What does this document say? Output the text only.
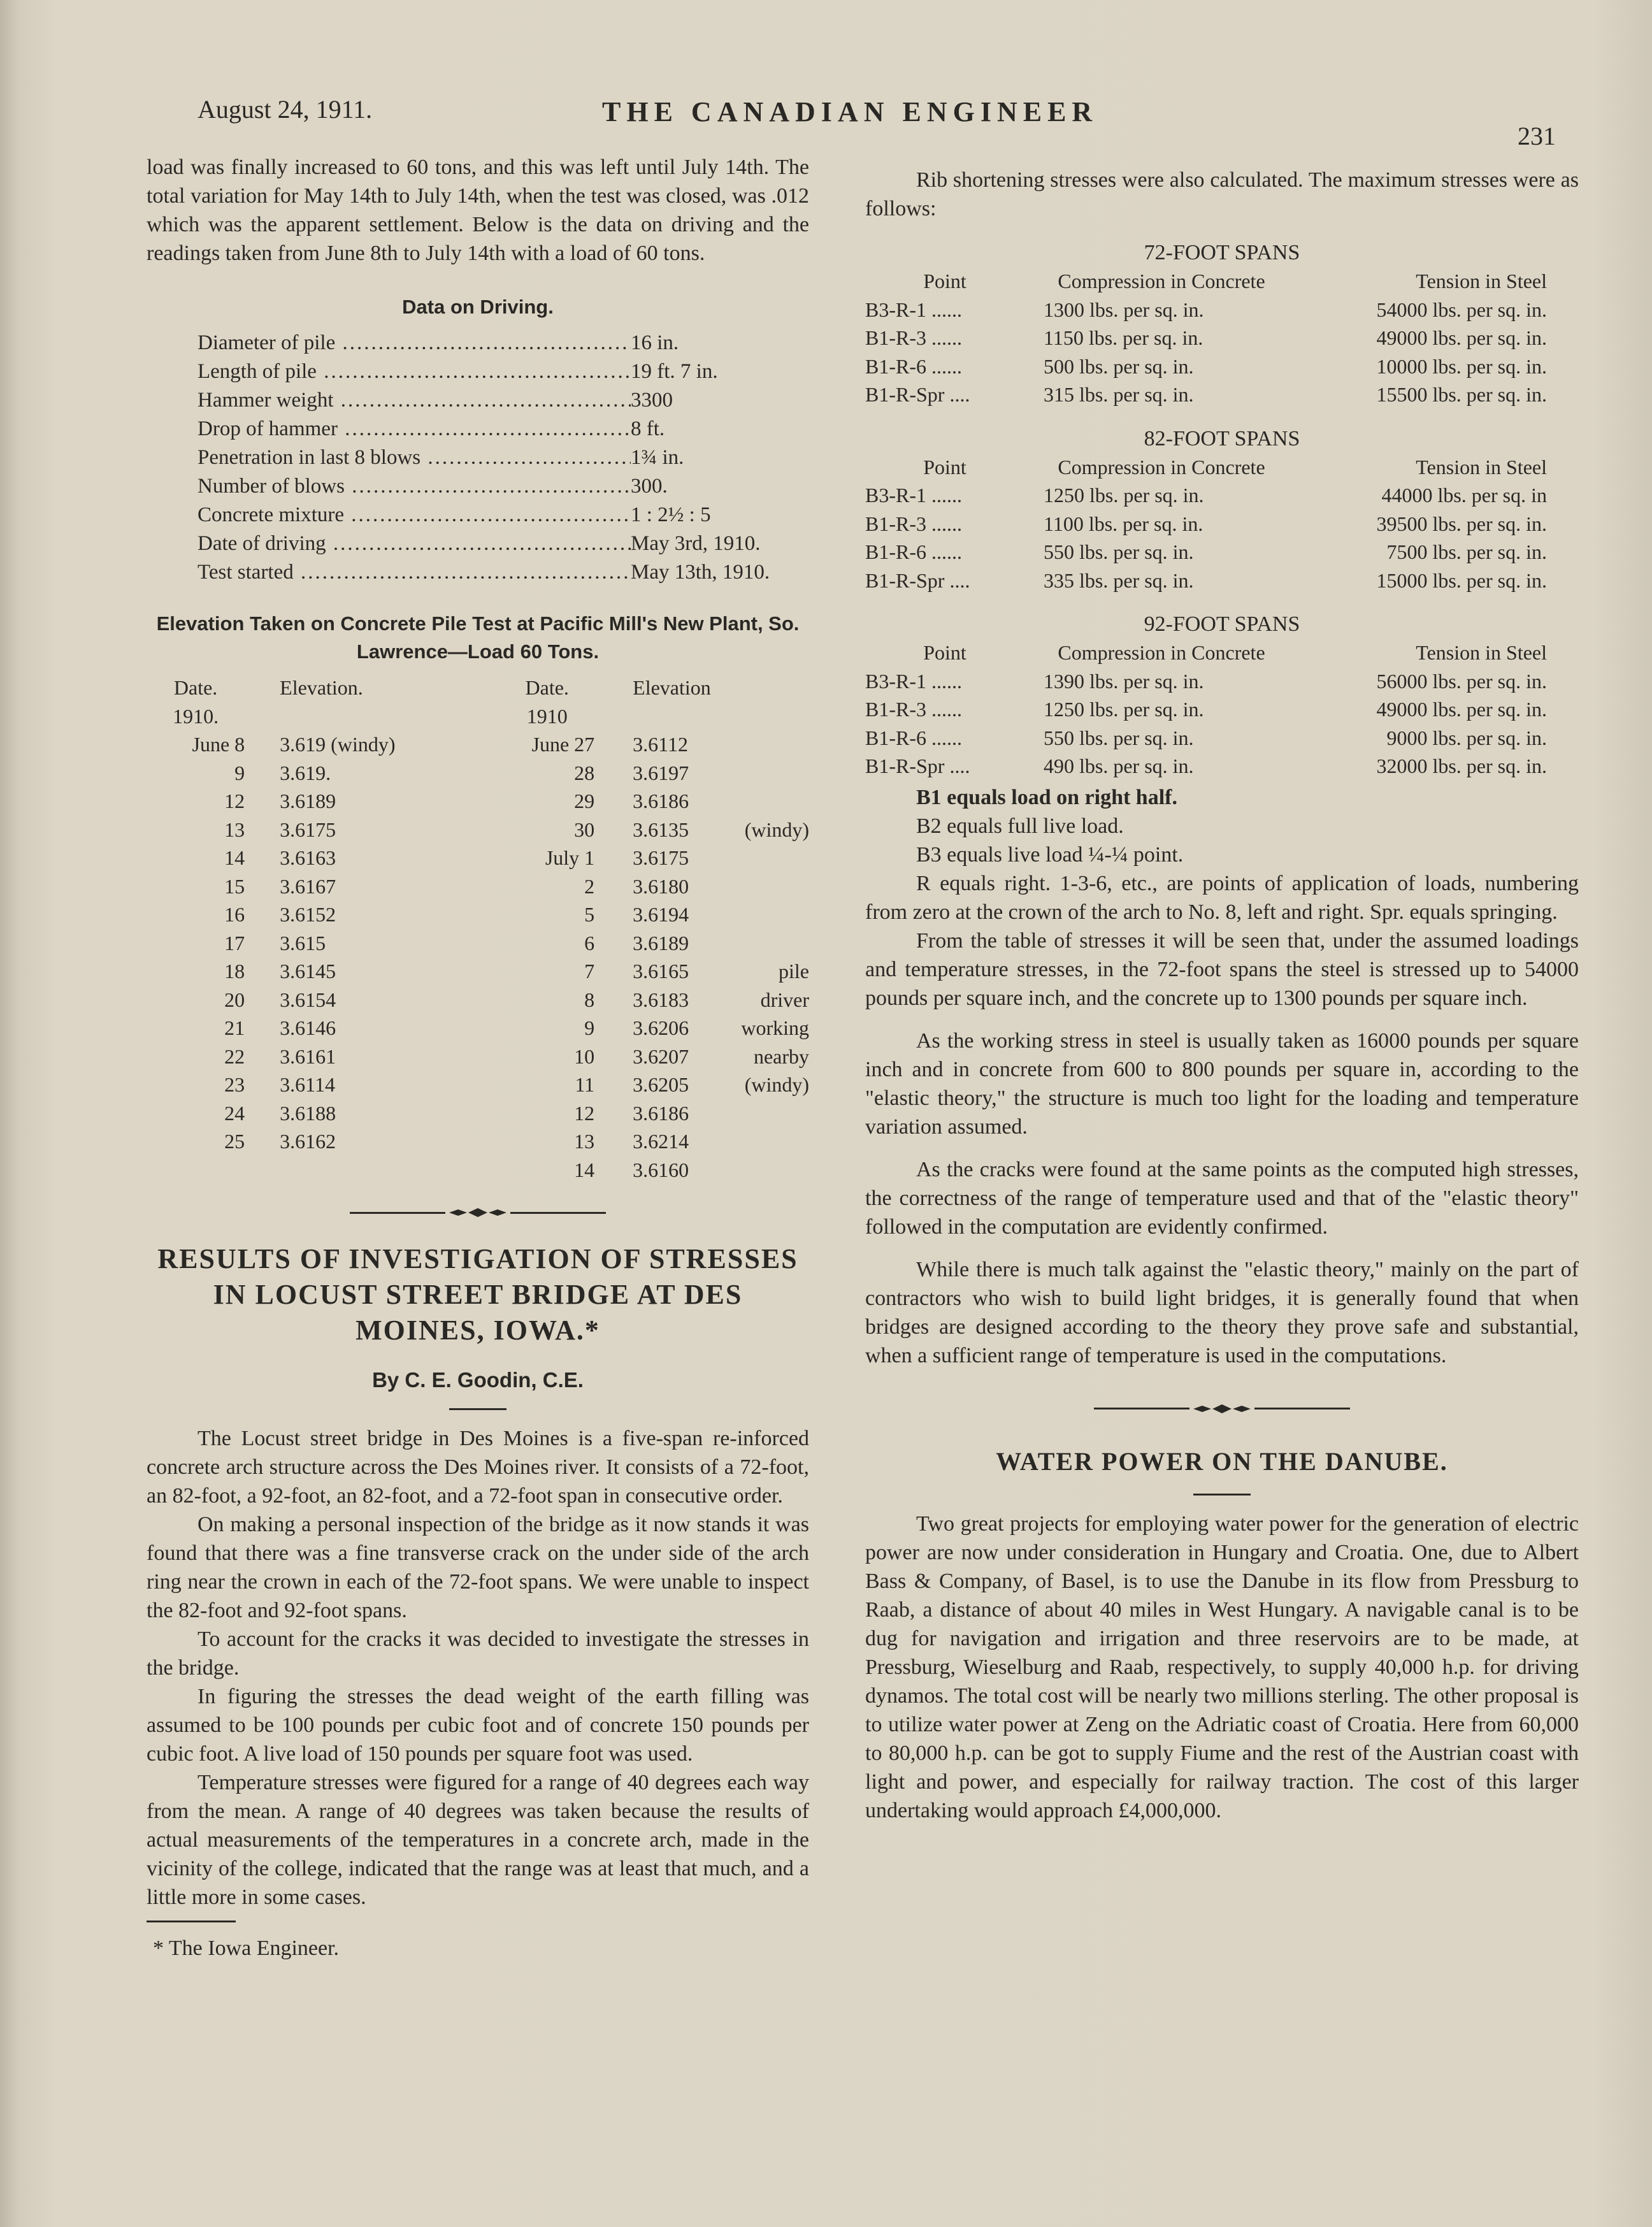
August 24, 1911.	THE CANADIAN ENGINEER
231

load was finally increased to 60 tons, and this was left until July 14th. The total variation for May 14th to July 14th, when the test was closed, was .012 which was the apparent settlement. Below is the data on driving and the readings taken from June 8th to July 14th with a load of 60 tons.

Data on Driving.
Diameter of pile .....	16 in.
Length of pile .....	19 ft. 7 in.
Hammer weight .....	3300
Drop of hammer .....	8 ft.
Penetration in last 8 blows .....	1¾ in.
Number of blows .....	300.
Concrete mixture .....	1 : 2½ : 5
Date of driving .....	May 3rd, 1910.
Test started .....	May 13th, 1910.
Elevation Taken on Concrete Pile Test at Pacific Mill's New Plant, So. Lawrence—Load 60 Tons.
Date.	Elevation.		Date.	Elevation	
1910.			1910		
June 8	3.619 (windy)		June 27	3.6112	
9	3.619.		28	3.6197	
12	3.6189		29	3.6186	
13	3.6175		30	3.6135	(windy)
14	3.6163		July 1	3.6175	
15	3.6167		2	3.6180	
16	3.6152		5	3.6194	
17	3.615		6	3.6189	
18	3.6145		7	3.6165	pile
20	3.6154		8	3.6183	driver
21	3.6146		9	3.6206	working
22	3.6161		10	3.6207	nearby
23	3.6114		11	3.6205	(windy)
24	3.6188		12	3.6186	
25	3.6162		13	3.6214	
			14	3.6160	
RESULTS OF INVESTIGATION OF STRESSES IN LOCUST STREET BRIDGE AT DES MOINES, IOWA.*
By C. E. Goodin, C.E.

The Locust street bridge in Des Moines is a five-span re-inforced concrete arch structure across the Des Moines river. It consists of a 72-foot, an 82-foot, a 92-foot, an 82-foot, and a 72-foot span in consecutive order.

On making a personal inspection of the bridge as it now stands it was found that there was a fine transverse crack on the under side of the arch ring near the crown in each of the 72-foot spans. We were unable to inspect the 82-foot and 92-foot spans.

To account for the cracks it was decided to investigate the stresses in the bridge.

In figuring the stresses the dead weight of the earth filling was assumed to be 100 pounds per cubic foot and of concrete 150 pounds per cubic foot. A live load of 150 pounds per square foot was used.

Temperature stresses were figured for a range of 40 degrees each way from the mean. A range of 40 degrees was taken because the results of actual measurements of the temperatures in a concrete arch, made in the vicinity of the college, indicated that the range was at least that much, and a little more in some cases.

* The Iowa Engineer.

Rib shortening stresses were also calculated. The maximum stresses were as follows:

72-FOOT SPANS
Point	Compression in Concrete	Tension in Steel
B3-R-1 ......	1300 lbs. per sq. in.	54000 lbs. per sq. in.
B1-R-3 ......	1150 lbs. per sq. in.	49000 lbs. per sq. in.
B1-R-6 ......	500 lbs. per sq. in.	10000 lbs. per sq. in.
B1-R-Spr ....	315 lbs. per sq. in.	15500 lbs. per sq. in.
82-FOOT SPANS
Point	Compression in Concrete	Tension in Steel
B3-R-1 ......	1250 lbs. per sq. in.	44000 lbs. per sq. in
B1-R-3 ......	1100 lbs. per sq. in.	39500 lbs. per sq. in.
B1-R-6 ......	550 lbs. per sq. in.	7500 lbs. per sq. in.
B1-R-Spr ....	335 lbs. per sq. in.	15000 lbs. per sq. in.
92-FOOT SPANS
Point	Compression in Concrete	Tension in Steel
B3-R-1 ......	1390 lbs. per sq. in.	56000 lbs. per sq. in.
B1-R-3 ......	1250 lbs. per sq. in.	49000 lbs. per sq. in.
B1-R-6 ......	550 lbs. per sq. in.	9000 lbs. per sq. in.
B1-R-Spr ....	490 lbs. per sq. in.	32000 lbs. per sq. in.

B1 equals load on right half.

B2 equals full live load.

B3 equals live load ¼-¼ point.

R equals right. 1-3-6, etc., are points of application of loads, numbering from zero at the crown of the arch to No. 8, left and right. Spr. equals springing.

From the table of stresses it will be seen that, under the assumed loadings and temperature stresses, in the 72-foot spans the steel is stressed up to 54000 pounds per square inch, and the concrete up to 1300 pounds per square inch.

As the working stress in steel is usually taken as 16000 pounds per square inch and in concrete from 600 to 800 pounds per square in, according to the "elastic theory," the structure is much too light for the loading and temperature variation assumed.

As the cracks were found at the same points as the computed high stresses, the correctness of the range of temperature used and that of the "elastic theory" followed in the computation are evidently confirmed.

While there is much talk against the "elastic theory," mainly on the part of contractors who wish to build light bridges, it is generally found that when bridges are designed according to the theory they prove safe and substantial, when a sufficient range of temperature is used in the computations.

WATER POWER ON THE DANUBE.

Two great projects for employing water power for the generation of electric power are now under consideration in Hungary and Croatia. One, due to Albert Bass & Company, of Basel, is to use the Danube in its flow from Pressburg to Raab, a distance of about 40 miles in West Hungary. A navigable canal is to be dug for navigation and irrigation and three reservoirs are to be made, at Pressburg, Wieselburg and Raab, respectively, to supply 40,000 h.p. for driving dynamos. The total cost will be nearly two millions sterling. The other proposal is to utilize water power at Zeng on the Adriatic coast of Croatia. Here from 60,000 to 80,000 h.p. can be got to supply Fiume and the rest of the Austrian coast with light and power, and especially for railway traction. The cost of this larger undertaking would approach £4,000,000.
